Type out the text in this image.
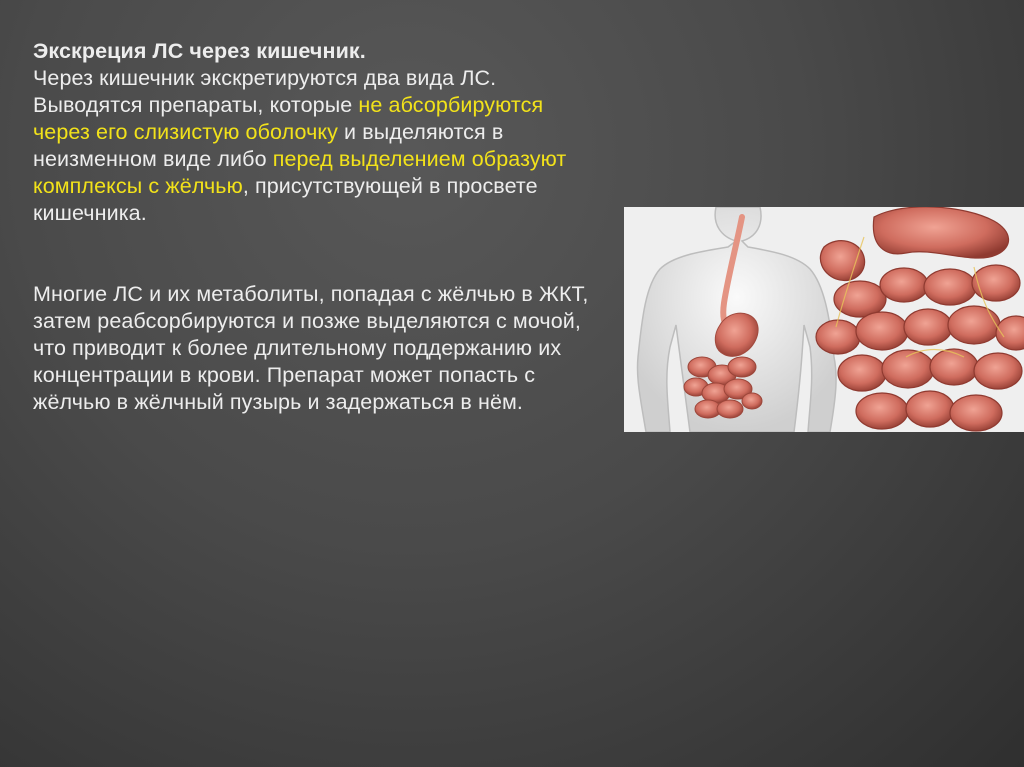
Экскреция ЛС через кишечник.

Через кишечник экскретируются два вида ЛС.

Выводятся препараты, которые не абсорбируются через его слизистую оболочку и выделяются в неизменном виде либо перед выделением образуют комплексы с жёлчью, присутствующей в просвете кишечника.

Многие ЛС и их метаболиты, попадая с жёлчью в ЖКТ, затем реабсорбируются и позже выделяются с мочой, что приводит к более длительному поддержанию их концентрации в крови. Препарат может попасть с жёлчью в жёлчный пузырь и задержаться в нём.
